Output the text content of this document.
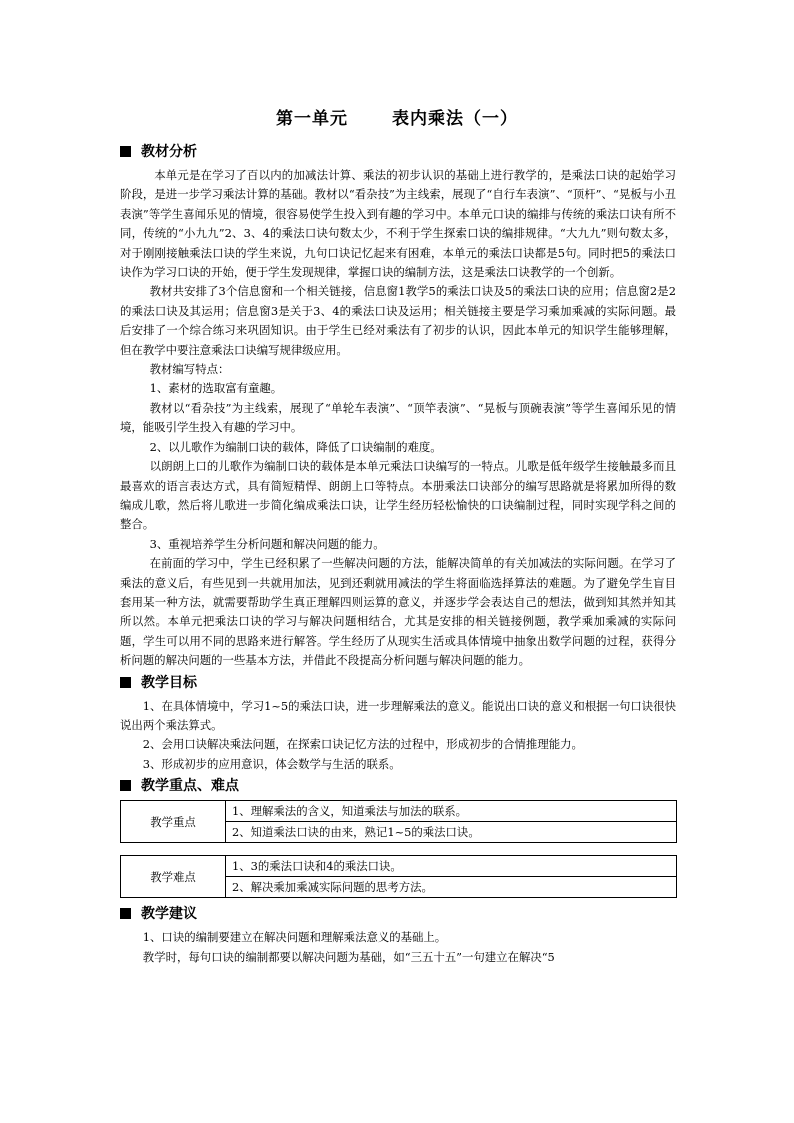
第一单元	表内乘法（一）
教材分析

本单元是在学习了百以内的加减法计算、乘法的初步认识的基础上进行教学的，是乘法口诀的起始学习阶段，是进一步学习乘法计算的基础。教材以“看杂技”为主线索，展现了“自行车表演”、“顶杆”、“晃板与小丑表演”等学生喜闻乐见的情境，很容易使学生投入到有趣的学习中。本单元口诀的编排与传统的乘法口诀有所不同，传统的“小九九”2、3、4的乘法口诀句数太少，不利于学生探索口诀的编排规律。“大九九”则句数太多，对于刚刚接触乘法口诀的学生来说，九句口诀记忆起来有困难，本单元的乘法口诀都是5句。同时把5的乘法口诀作为学习口诀的开始，便于学生发现规律，掌握口诀的编制方法，这是乘法口诀教学的一个创新。

教材共安排了3个信息窗和一个相关链接，信息窗1教学5的乘法口诀及5的乘法口诀的应用；信息窗2是2的乘法口诀及其运用；信息窗3是关于3、4的乘法口诀及运用；相关链接主要是学习乘加乘减的实际问题。最后安排了一个综合练习来巩固知识。由于学生已经对乘法有了初步的认识，因此本单元的知识学生能够理解，但在教学中要注意乘法口诀编写规律级应用。

教材编写特点：

1、素材的选取富有童趣。

教材以“看杂技”为主线索，展现了“单轮车表演”、“顶竿表演”、“晃板与顶碗表演”等学生喜闻乐见的情境，能吸引学生投入有趣的学习中。

2、以儿歌作为编制口诀的载体，降低了口诀编制的难度。

以朗朗上口的儿歌作为编制口诀的载体是本单元乘法口诀编写的一特点。儿歌是低年级学生接触最多而且最喜欢的语言表达方式，具有简短精悍、朗朗上口等特点。本册乘法口诀部分的编写思路就是将累加所得的数编成儿歌，然后将儿歌进一步简化编成乘法口诀，让学生经历轻松愉快的口诀编制过程，同时实现学科之间的整合。

3、重视培养学生分析问题和解决问题的能力。

在前面的学习中，学生已经积累了一些解决问题的方法，能解决简单的有关加减法的实际问题。在学习了乘法的意义后，有些见到一共就用加法，见到还剩就用减法的学生将面临选择算法的难题。为了避免学生盲目套用某一种方法，就需要帮助学生真正理解四则运算的意义，并逐步学会表达自己的想法，做到知其然并知其所以然。本单元把乘法口诀的学习与解决问题相结合，尤其是安排的相关链接例题，教学乘加乘减的实际问题，学生可以用不同的思路来进行解答。学生经历了从现实生活或具体情境中抽象出数学问题的过程，获得分析问题的解决问题的一些基本方法，并借此不段提高分析问题与解决问题的能力。

教学目标

1、在具体情境中，学习1~5的乘法口诀，进一步理解乘法的意义。能说出口诀的意义和根据一句口诀很快说出两个乘法算式。

2、会用口诀解决乘法问题，在探索口诀记忆方法的过程中，形成初步的合情推理能力。

3、形成初步的应用意识，体会数学与生活的联系。

教学重点、难点
教学重点	1、理解乘法的含义，知道乘法与加法的联系。
2、知道乘法口诀的由来，熟记1~5的乘法口诀。
教学难点	1、3的乘法口诀和4的乘法口诀。
2、解决乘加乘减实际问题的思考方法。
教学建议

1、口诀的编制要建立在解决问题和理解乘法意义的基础上。

教学时，每句口诀的编制都要以解决问题为基础，如“三五十五”一句建立在解决“5
